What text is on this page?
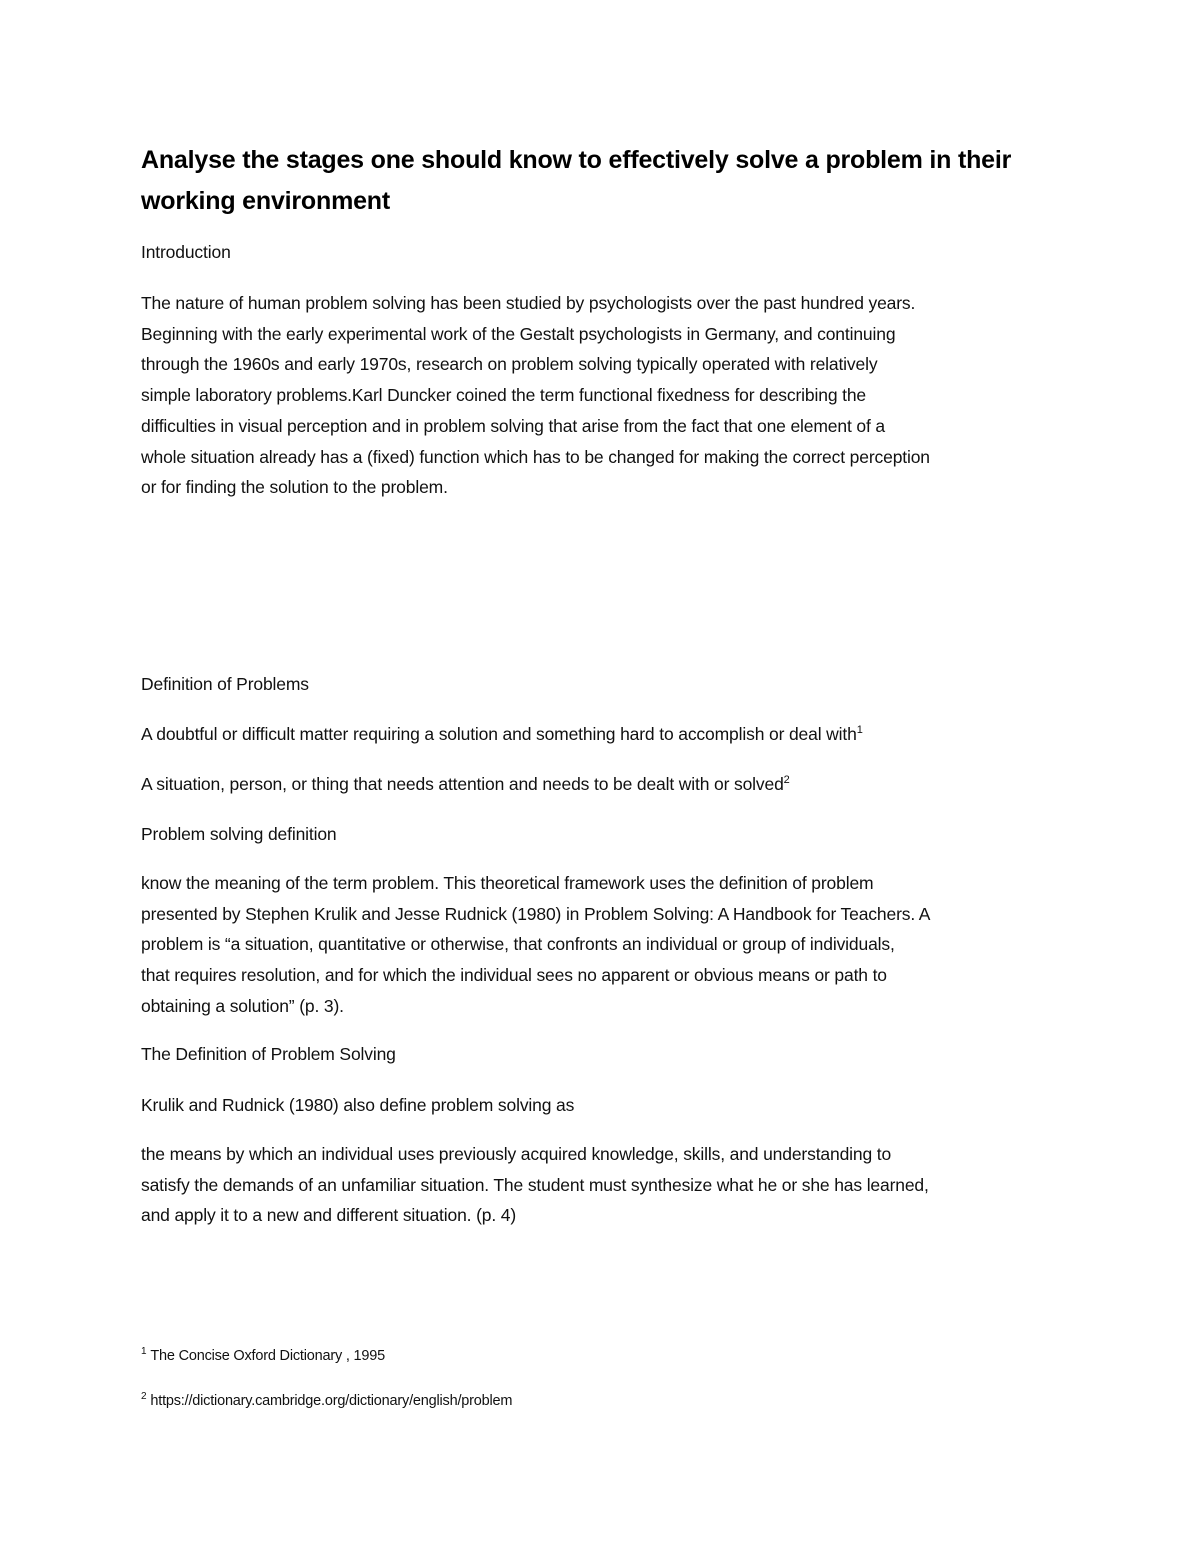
Analyse the stages one should know to effectively solve a problem in their
working environment

Introduction

The nature of human problem solving has been studied by psychologists over the past hundred years.
Beginning with the early experimental work of the Gestalt psychologists in Germany, and continuing
through the 1960s and early 1970s, research on problem solving typically operated with relatively
simple laboratory problems.Karl Duncker coined the term functional fixedness for describing the
difficulties in visual perception and in problem solving that arise from the fact that one element of a
whole situation already has a (fixed) function which has to be changed for making the correct perception
or for finding the solution to the problem.

Definition of Problems

A doubtful or difficult matter requiring a solution and something hard to accomplish or deal with$^1$

A situation, person, or thing that needs attention and needs to be dealt with or solved$^2$

Problem solving definition

know the meaning of the term problem. This theoretical framework uses the definition of problem
presented by Stephen Krulik and Jesse Rudnick (1980) in Problem Solving: A Handbook for Teachers. A
problem is “a situation, quantitative or otherwise, that confronts an individual or group of individuals,
that requires resolution, and for which the individual sees no apparent or obvious means or path to
obtaining a solution” (p. 3).

The Definition of Problem Solving

Krulik and Rudnick (1980) also define problem solving as

the means by which an individual uses previously acquired knowledge, skills, and understanding to
satisfy the demands of an unfamiliar situation. The student must synthesize what he or she has learned,
and apply it to a new and different situation. (p. 4)

$^1$ The Concise Oxford Dictionary , 1995

$^2$ https://dictionary.cambridge.org/dictionary/english/problem
